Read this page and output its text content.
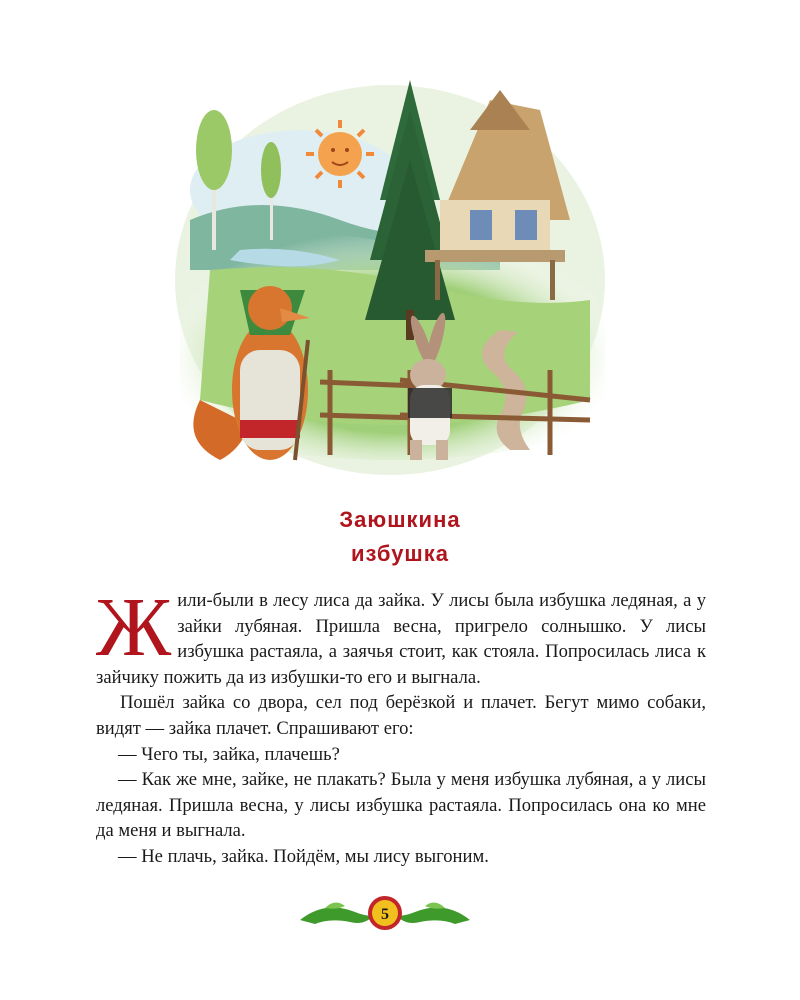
Заюшкина
избушка

Жили-были в лесу лиса да зайка. У лисы была избушка ледяная, а у зайки лубяная. Пришла весна, пригрело солнышко. У лисы избушка растаяла, а заячья стоит, как стояла. Попросилась лиса к зайчику пожить да из избушки-то его и выгнала.

Пошёл зайка со двора, сел под берёзкой и плачет. Бегут мимо собаки, видят — зайка плачет. Спрашивают его:

— Чего ты, зайка, плачешь?

— Как же мне, зайке, не плакать? Была у меня избушка лубяная, а у лисы ледяная. Пришла весна, у лисы избушка растаяла. Попросилась она ко мне да меня и выгнала.

— Не плачь, зайка. Пойдём, мы лису выгоним.

5
